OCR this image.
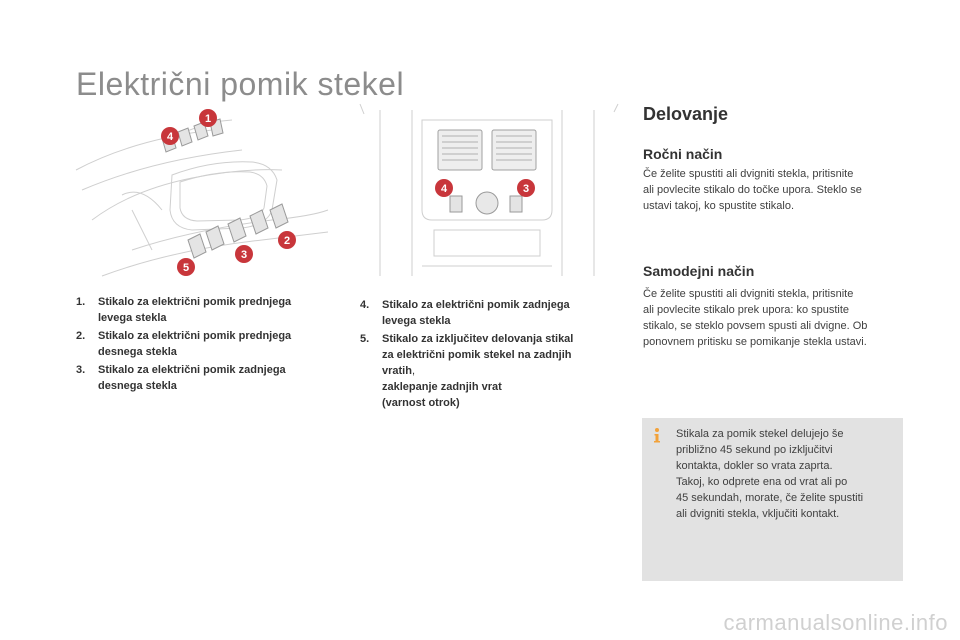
Električni pomik stekel
4
1
2
3
5
4	3
1. Stikalo za električni pomik prednjega
levega stekla
2. Stikalo za električni pomik prednjega
desnega stekla
3. Stikalo za električni pomik zadnjega
desnega stekla
4. Stikalo za električni pomik zadnjega
levega stekla
5. Stikalo za izključitev delovanja stikal
za električni pomik stekel na zadnjih
vratih,
zaklepanje zadnjih vrat
(varnost otrok)
Delovanje
Ročni način

Če želite spustiti ali dvigniti stekla, pritisnite
ali povlecite stikalo do točke upora. Steklo se
ustavi takoj, ko spustite stikalo.

Samodejni način

Če želite spustiti ali dvigniti stekla, pritisnite
ali povlecite stikalo prek upora: ko spustite
stikalo, se steklo povsem spusti ali dvigne. Ob
ponovnem pritisku se pomikanje stekla ustavi.

Stikala za pomik stekel delujejo še
približno 45 sekund po izključitvi
kontakta, dokler so vrata zaprta.
Takoj, ko odprete ena od vrat ali po
45 sekundah, morate, če želite spustiti
ali dvigniti stekla, vključiti kontakt.

carmanualsonline.info
